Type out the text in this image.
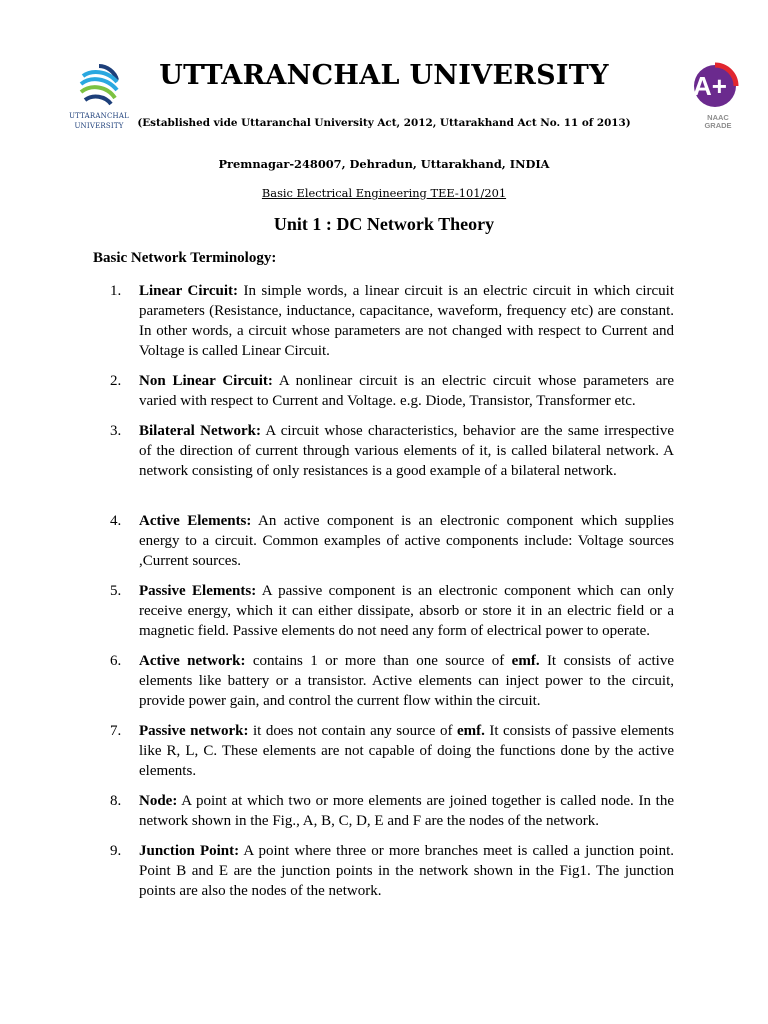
UTTARANCHAL
UNIVERSITY
A+
NAAC
GRADE
UTTARANCHAL UNIVERSITY
(Established vide Uttaranchal University Act, 2012, Uttarakhand Act No. 11 of 2013)
Premnagar-248007, Dehradun, Uttarakhand, INDIA
Basic Electrical Engineering TEE-101/201
Unit 1 : DC Network Theory
Basic Network Terminology:
1.	Linear Circuit: In simple words, a linear circuit is an electric circuit in which circuit parameters (Resistance, inductance, capacitance, waveform, frequency etc) are constant. In other words, a circuit whose parameters are not changed with respect to Current and Voltage is called Linear Circuit.
2.	Non Linear Circuit: A nonlinear circuit is an electric circuit whose parameters are varied with respect to Current and Voltage. e.g. Diode, Transistor, Transformer etc.
3.	Bilateral Network: A circuit whose characteristics, behavior are the same irrespective of the direction of current through various elements of it, is called bilateral network. A network consisting of only resistances is a good example of a bilateral network.
4.	Active Elements: An active component is an electronic component which supplies energy to a circuit. Common examples of active components include: Voltage sources ,Current sources.
5.	Passive Elements: A passive component is an electronic component which can only receive energy, which it can either dissipate, absorb or store it in an electric field or a magnetic field. Passive elements do not need any form of electrical power to operate.
6.	Active network: contains 1 or more than one source of emf. It consists of active elements like battery or a transistor. Active elements can inject power to the circuit, provide power gain, and control the current flow within the circuit.
7.	Passive network: it does not contain any source of emf. It consists of passive elements like R, L, C. These elements are not capable of doing the functions done by the active elements.
8.	Node: A point at which two or more elements are joined together is called node. In the network shown in the Fig., A, B, C, D, E and F are the nodes of the network.
9.	Junction Point: A point where three or more branches meet is called a junction point. Point B and E are the junction points in the network shown in the Fig1. The junction points are also the nodes of the network.
